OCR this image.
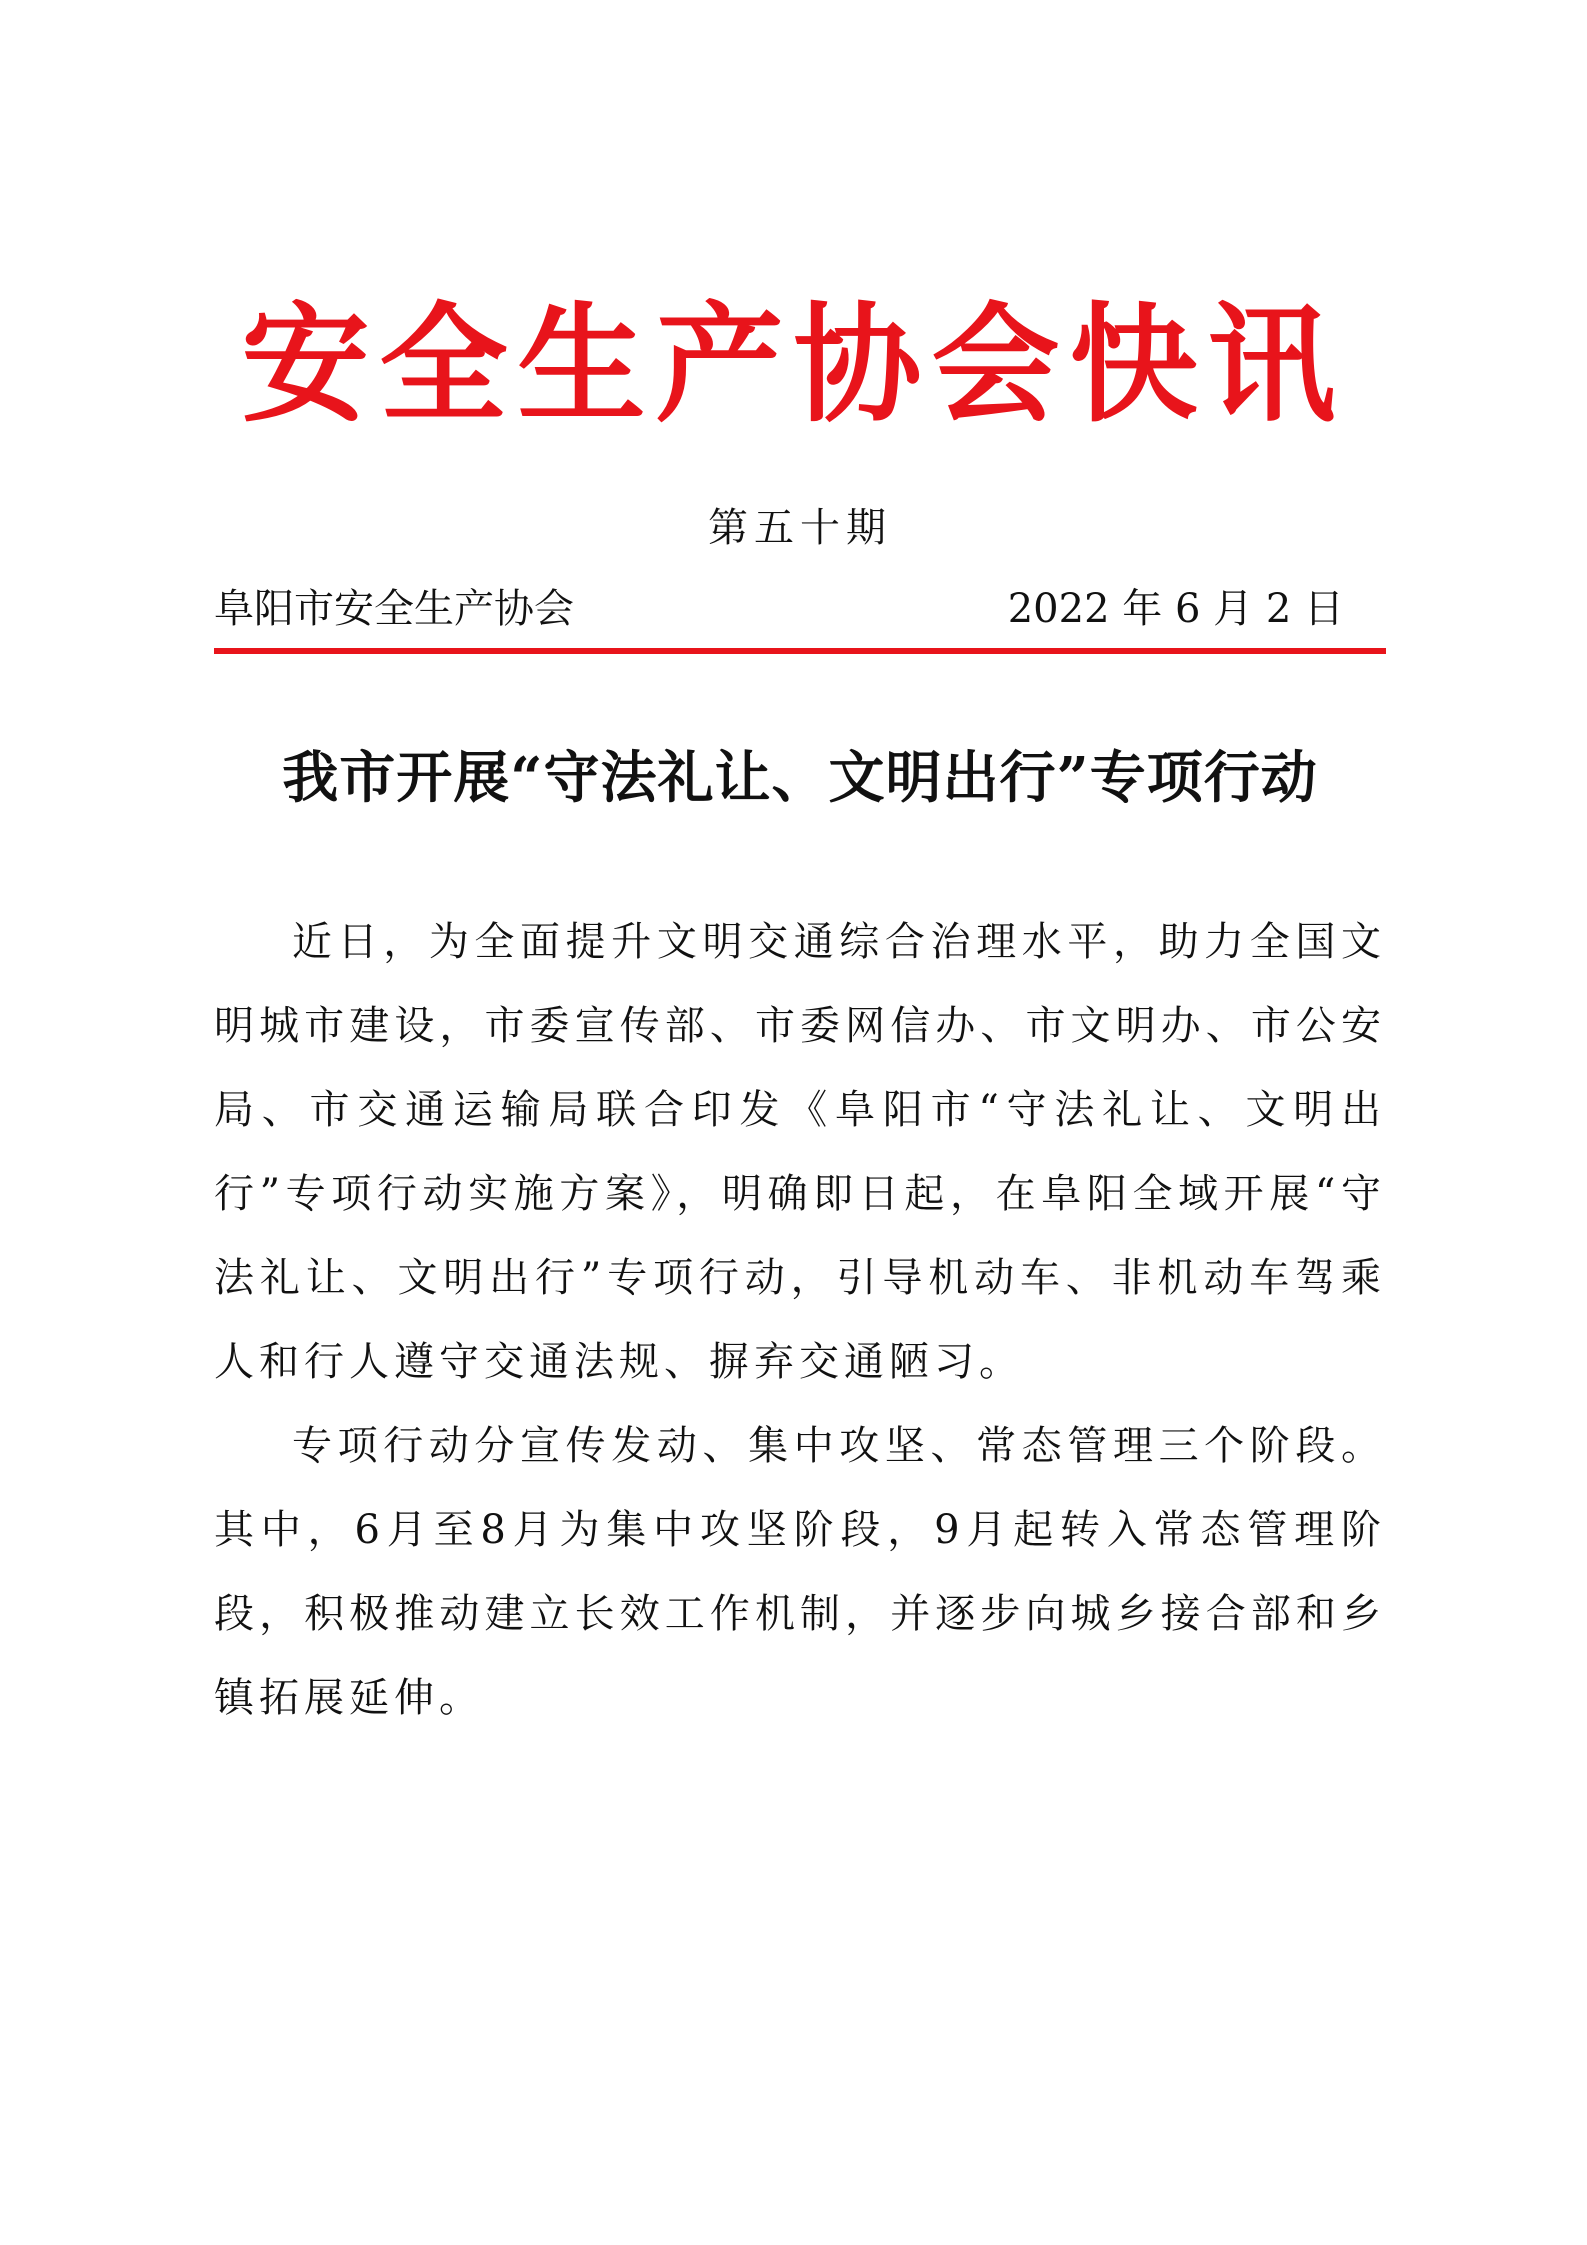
安全生产协会快讯
第五十期
阜阳市安全生产协会	2022 年 6 月 2 日
我市开展“守法礼让、文明出行”专项行动

近日，为全面提升文明交通综合治理水平，助力全国文明城市建设，市委宣传部、市委网信办、市文明办、市公安局、市交通运输局联合印发《阜阳市“守法礼让、文明出行”专项行动实施方案》，明确即日起，在阜阳全域开展“守法礼让、文明出行”专项行动，引导机动车、非机动车驾乘人和行人遵守交通法规、摒弃交通陋习。

专项行动分宣传发动、集中攻坚、常态管理三个阶段。其中，6月至8月为集中攻坚阶段，9月起转入常态管理阶段，积极推动建立长效工作机制，并逐步向城乡接合部和乡镇拓展延伸。
